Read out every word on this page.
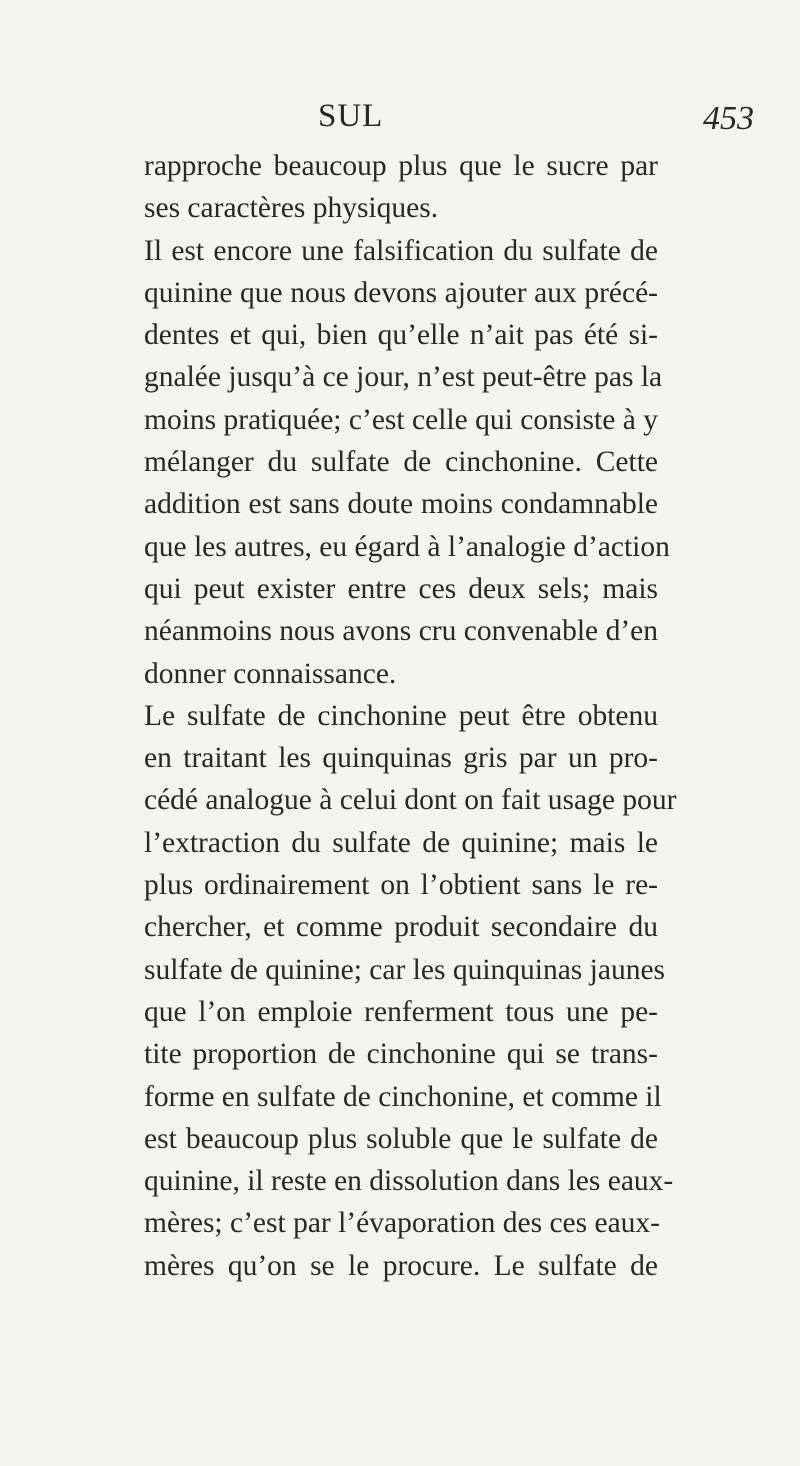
SUL	453
rapproche beaucoup plus que le sucre par
ses caractères physiques.
Il est encore une falsification du sulfate de
quinine que nous devons ajouter aux précé-
dentes et qui, bien qu’elle n’ait pas été si-
gnalée jusqu’à ce jour, n’est peut-être pas la
moins pratiquée; c’est celle qui consiste à y
mélanger du sulfate de cinchonine. Cette
addition est sans doute moins condamnable
que les autres, eu égard à l’analogie d’action
qui peut exister entre ces deux sels; mais
néanmoins nous avons cru convenable d’en
donner connaissance.
Le sulfate de cinchonine peut être obtenu
en traitant les quinquinas gris par un pro-
cédé analogue à celui dont on fait usage pour
l’extraction du sulfate de quinine; mais le
plus ordinairement on l’obtient sans le re-
chercher, et comme produit secondaire du
sulfate de quinine; car les quinquinas jaunes
que l’on emploie renferment tous une pe-
tite proportion de cinchonine qui se trans-
forme en sulfate de cinchonine, et comme il
est beaucoup plus soluble que le sulfate de
quinine, il reste en dissolution dans les eaux-
mères; c’est par l’évaporation des ces eaux-
mères qu’on se le procure. Le sulfate de
